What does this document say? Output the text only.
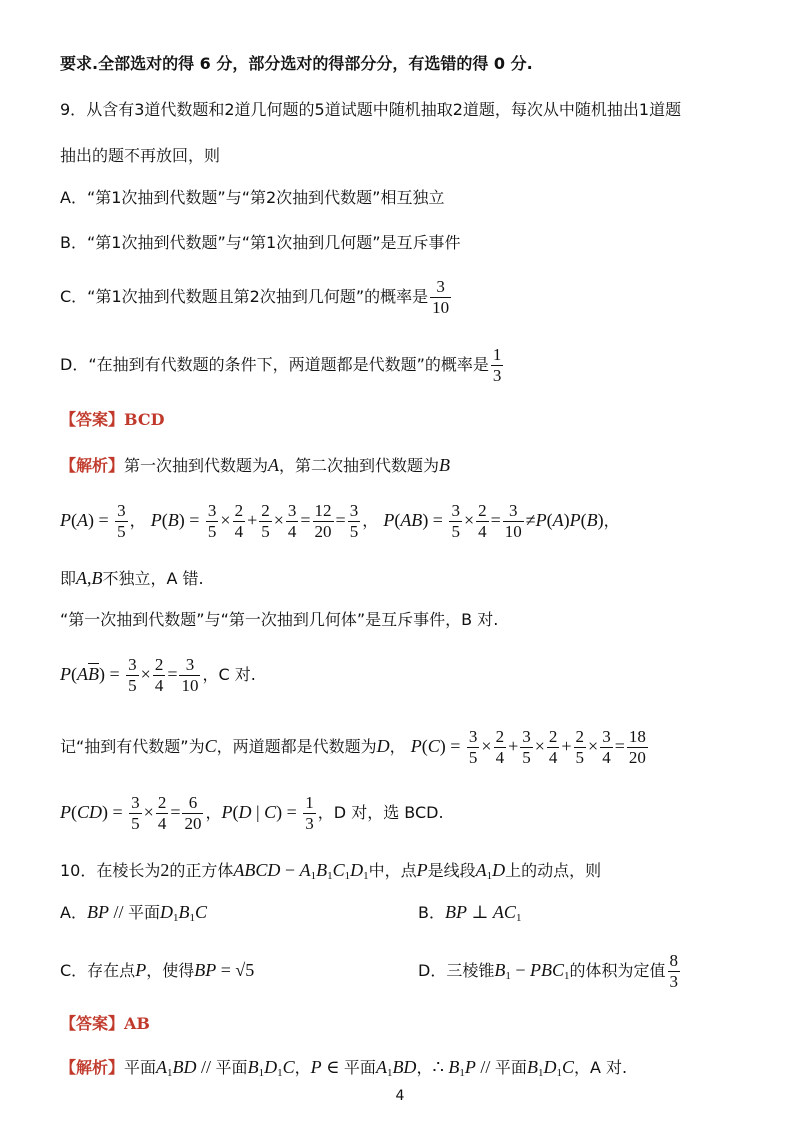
要求.全部选对的得 6 分，部分选对的得部分分，有选错的得 0 分.
9．从含有3道代数题和2道几何题的5道试题中随机抽取2道题，每次从中随机抽出1道题
抽出的题不再放回，则
A．“第1次抽到代数题”与“第2次抽到代数题”相互独立
B．“第1次抽到代数题”与“第1次抽到几何题”是互斥事件
C．“第1次抽到代数题且第2次抽到几何题”的概率是 $\frac{3}{10}$
D．“在抽到有代数题的条件下，两道题都是代数题”的概率是 $\frac{1}{3}$
【答案】BCD
【解析】第一次抽到代数题为A，第二次抽到代数题为B
$P(A) = \frac{3}{5}$ ， $P(B) = \frac{3}{5} \times \frac{2}{4} + \frac{2}{5} \times \frac{3}{4} = \frac{12}{20} = \frac{3}{5}$ ， $P(AB) = \frac{3}{5} \times \frac{2}{4} = \frac{3}{10} \ne P(A)P(B)$，
即A,B不独立，A 错.
“第一次抽到代数题”与“第一次抽到几何体”是互斥事件，B 对.
$P(A\overline{B}) = \frac{3}{5} \times \frac{2}{4} = \frac{3}{10}$ ，C 对.
记“抽到有代数题”为C，两道题都是代数题为D， $P(C) = \frac{3}{5} \times \frac{2}{4} + \frac{3}{5} \times \frac{2}{4} + \frac{2}{5} \times \frac{3}{4} = \frac{18}{20}$
$P(CD) = \frac{3}{5} \times \frac{2}{4} = \frac{6}{20}$ ，P(D | $C) = \frac{1}{3}$ ，D 对，选 BCD.
10．在棱长为2的正方体ABCD − $A_1B_1C_1D_1$中，点P是线段$A_1D$上的动点，则
A．BP // 平面$D_1B_1C$	B．BP ⊥ $AC_1$
C．存在点P，使得BP = √5	D．三棱锥$B_1 - PBC_1$的体积为定值 $\frac{8}{3}$
【答案】AB
【解析】平面$A_1BD$ // 平面$B_1D_1C$，P ∈ 平面$A_1BD$，∴ $B_1P$ // 平面$B_1D_1C$，A 对.
4
